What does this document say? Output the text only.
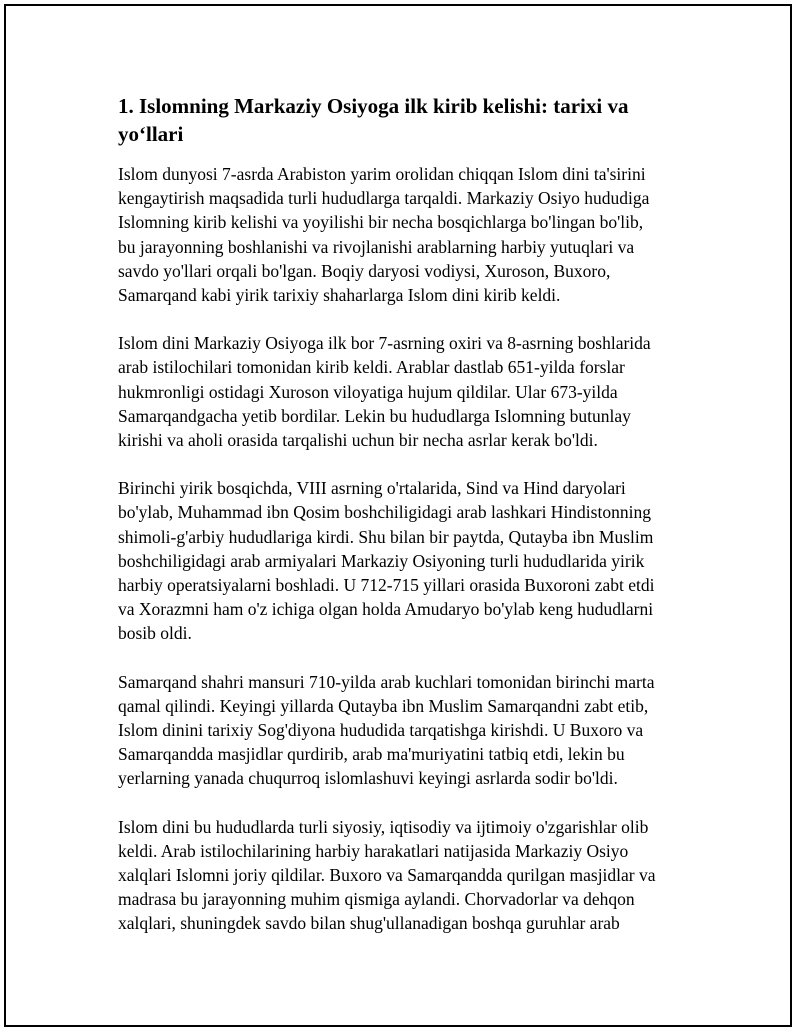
1. Islomning Markaziy Osiyoga ilk kirib kelishi: tarixi va
yo‘llari

Islom dunyosi 7-asrda Arabiston yarim orolidan chiqqan Islom dini ta'sirini
kengaytirish maqsadida turli hududlarga tarqaldi. Markaziy Osiyo hududiga
Islomning kirib kelishi va yoyilishi bir necha bosqichlarga bo'lingan bo'lib,
bu jarayonning boshlanishi va rivojlanishi arablarning harbiy yutuqlari va
savdo yo'llari orqali bo'lgan. Boqiy daryosi vodiysi, Xuroson, Buxoro,
Samarqand kabi yirik tarixiy shaharlarga Islom dini kirib keldi.

Islom dini Markaziy Osiyoga ilk bor 7-asrning oxiri va 8-asrning boshlarida
arab istilochilari tomonidan kirib keldi. Arablar dastlab 651-yilda forslar
hukmronligi ostidagi Xuroson viloyatiga hujum qildilar. Ular 673-yilda
Samarqandgacha yetib bordilar. Lekin bu hududlarga Islomning butunlay
kirishi va aholi orasida tarqalishi uchun bir necha asrlar kerak bo'ldi.

Birinchi yirik bosqichda, VIII asrning o'rtalarida, Sind va Hind daryolari
bo'ylab, Muhammad ibn Qosim boshchiligidagi arab lashkari Hindistonning
shimoli-g'arbiy hududlariga kirdi. Shu bilan bir paytda, Qutayba ibn Muslim
boshchiligidagi arab armiyalari Markaziy Osiyoning turli hududlarida yirik
harbiy operatsiyalarni boshladi. U 712-715 yillari orasida Buxoroni zabt etdi
va Xorazmni ham o'z ichiga olgan holda Amudaryo bo'ylab keng hududlarni
bosib oldi.

Samarqand shahri mansuri 710-yilda arab kuchlari tomonidan birinchi marta
qamal qilindi. Keyingi yillarda Qutayba ibn Muslim Samarqandni zabt etib,
Islom dinini tarixiy Sog'diyona hududida tarqatishga kirishdi. U Buxoro va
Samarqandda masjidlar qurdirib, arab ma'muriyatini tatbiq etdi, lekin bu
yerlarning yanada chuqurroq islomlashuvi keyingi asrlarda sodir bo'ldi.

Islom dini bu hududlarda turli siyosiy, iqtisodiy va ijtimoiy o'zgarishlar olib
keldi. Arab istilochilarining harbiy harakatlari natijasida Markaziy Osiyo
xalqlari Islomni joriy qildilar. Buxoro va Samarqandda qurilgan masjidlar va
madrasa bu jarayonning muhim qismiga aylandi. Chorvadorlar va dehqon
xalqlari, shuningdek savdo bilan shug'ullanadigan boshqa guruhlar arab
